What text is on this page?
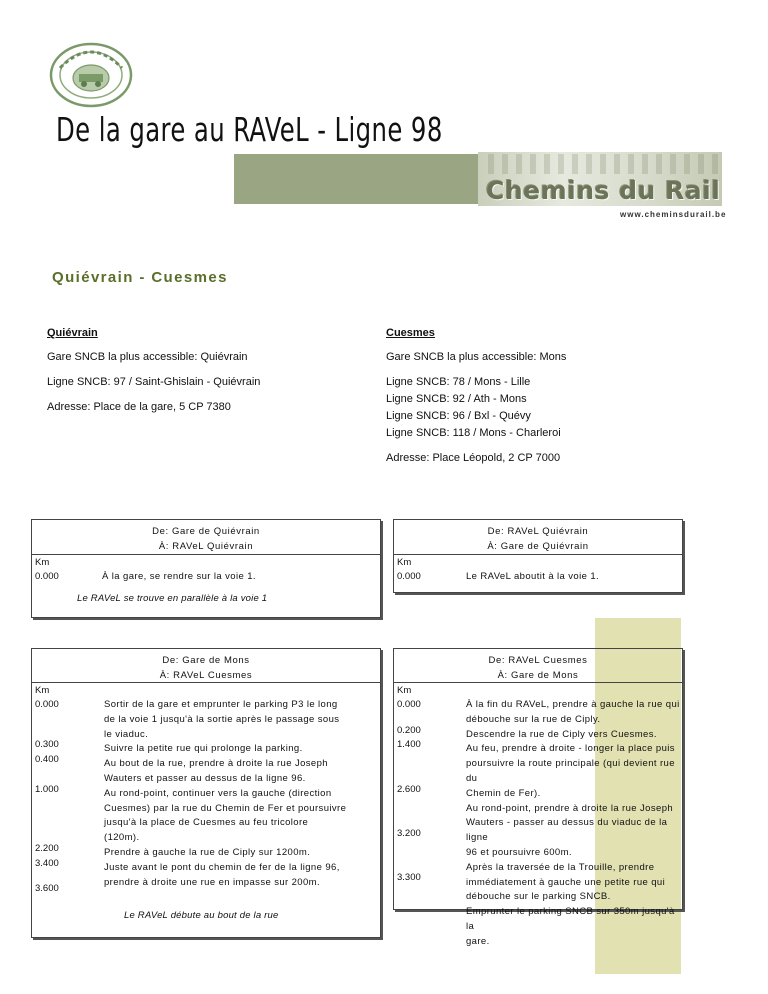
De la gare au RAVeL - Ligne 98
Chemins du Rail
www.cheminsdurail.be
Quiévrain - Cuesmes
Quiévrain
Gare SNCB la plus accessible: Quiévrain
Ligne SNCB: 97 / Saint-Ghislain - Quiévrain
Adresse: Place de la gare, 5 CP 7380
Cuesmes
Gare SNCB la plus accessible: Mons
Ligne SNCB: 78 / Mons - Lille
Ligne SNCB: 92 / Ath - Mons
Ligne SNCB: 96 / Bxl - Quévy
Ligne SNCB: 118 / Mons - Charleroi
Adresse: Place Léopold, 2 CP 7000
De: Gare de Quiévrain
À: RAVeL Quiévrain
Km
0.000	À la gare, se rendre sur la voie 1.
Le RAVeL se trouve en parallèle à la voie 1
De: RAVeL Quiévrain
À: Gare de Quiévrain
Km
0.000	Le RAVeL aboutit à la voie 1.
De: Gare de Mons
À: RAVeL Cuesmes
Km
0.000
0.300
0.400
1.000
2.200
3.400
3.600
Sortir de la gare et emprunter le parking P3 le long
de la voie 1 jusqu'à la sortie après le passage sous
le viaduc.
Suivre la petite rue qui prolonge la parking.
Au bout de la rue, prendre à droite la rue Joseph
Wauters et passer au dessus de la ligne 96.
Au rond-point, continuer vers la gauche (direction
Cuesmes) par la rue du Chemin de Fer et poursuivre
jusqu'à la place de Cuesmes au feu tricolore
(120m).
Prendre à gauche la rue de Ciply sur 1200m.
Juste avant le pont du chemin de fer de la ligne 96,
prendre à droite une rue en impasse sur 200m.
Le RAVeL débute au bout de la rue
De: RAVeL Cuesmes
À: Gare de Mons
Km
0.000
0.200
1.400
2.600
3.200
3.300
À la fin du RAVeL, prendre à gauche la rue qui
débouche sur la rue de Ciply.
Descendre la rue de Ciply vers Cuesmes.
Au feu, prendre à droite - longer la place puis
poursuivre la route principale (qui devient rue du
Chemin de Fer).
Au rond-point, prendre à droite la rue Joseph
Wauters - passer au dessus du viaduc de la ligne
96 et poursuivre 600m.
Après la traversée de la Trouille, prendre
immédiatement à gauche une petite rue qui
débouche sur le parking SNCB.
Emprunter le parking SNCB sur 350m jusqu'à la
gare.
